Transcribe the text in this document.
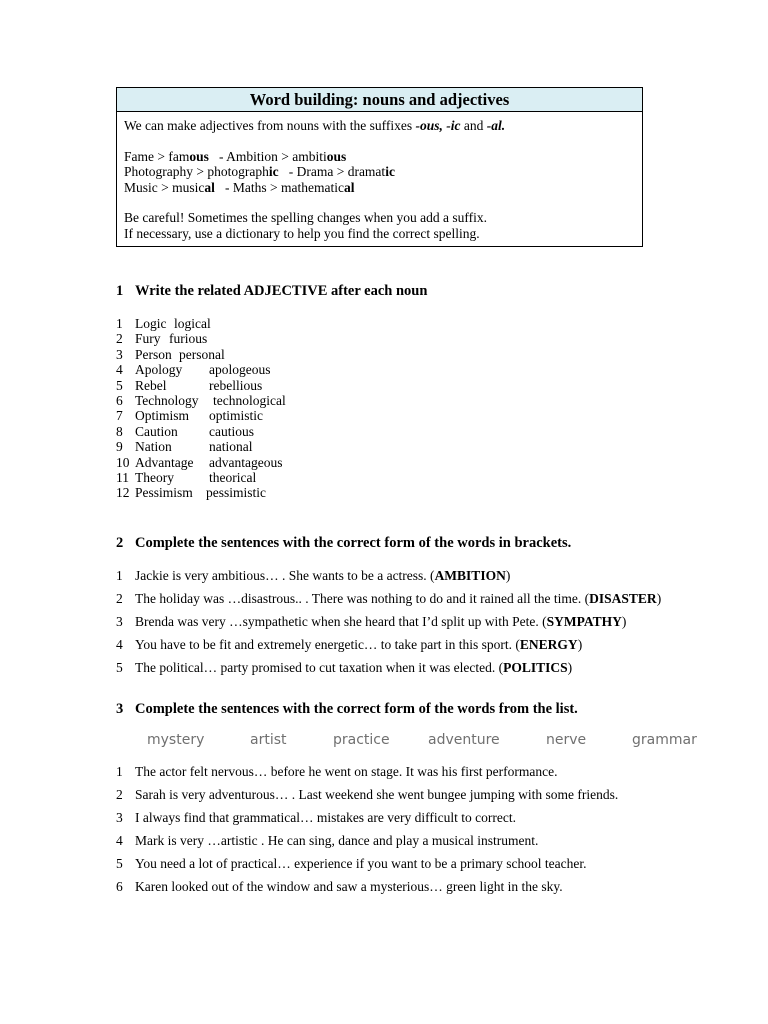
Word building: nouns and adjectives
We can make adjectives from nouns with the suffixes -ous, -ic and -al.
Fame > famous   - Ambition > ambitious
Photography > photographic   - Drama > dramatic
Music > musical   - Maths > mathematical
Be careful! Sometimes the spelling changes when you add a suffix.
If necessary, use a dictionary to help you find the correct spelling.
1 Write the related ADJECTIVE after each noun
1 Logic logical
2 Fury furious
3 Person personal
4 Apology apologeous
5 Rebel	rebellious
6 Technology technological
7 Optimism optimistic
8 Caution cautious
9 Nation	national
10 Advantage advantageous
11 Theory	theorical
12 Pessimism pessimistic
2 Complete the sentences with the correct form of the words in brackets.
1 Jackie is very ambitious… . She wants to be a actress. (AMBITION)
2 The holiday was …disastrous.. . There was nothing to do and it rained all the time. (DISASTER)
3 Brenda was very …sympathetic when she heard that I’d split up with Pete. (SYMPATHY)
4 You have to be fit and extremely energetic… to take part in this sport. (ENERGY)
5 The political… party promised to cut taxation when it was elected. (POLITICS)
3 Complete the sentences with the correct form of the words from the list.
mystery	artist	practice	adventure	nerve	grammar
1 The actor felt nervous… before he went on stage. It was his first performance.
2 Sarah is very adventurous… . Last weekend she went bungee jumping with some friends.
3 I always find that grammatical… mistakes are very difficult to correct.
4 Mark is very …artistic . He can sing, dance and play a musical instrument.
5 You need a lot of practical… experience if you want to be a primary school teacher.
6 Karen looked out of the window and saw a mysterious… green light in the sky.
